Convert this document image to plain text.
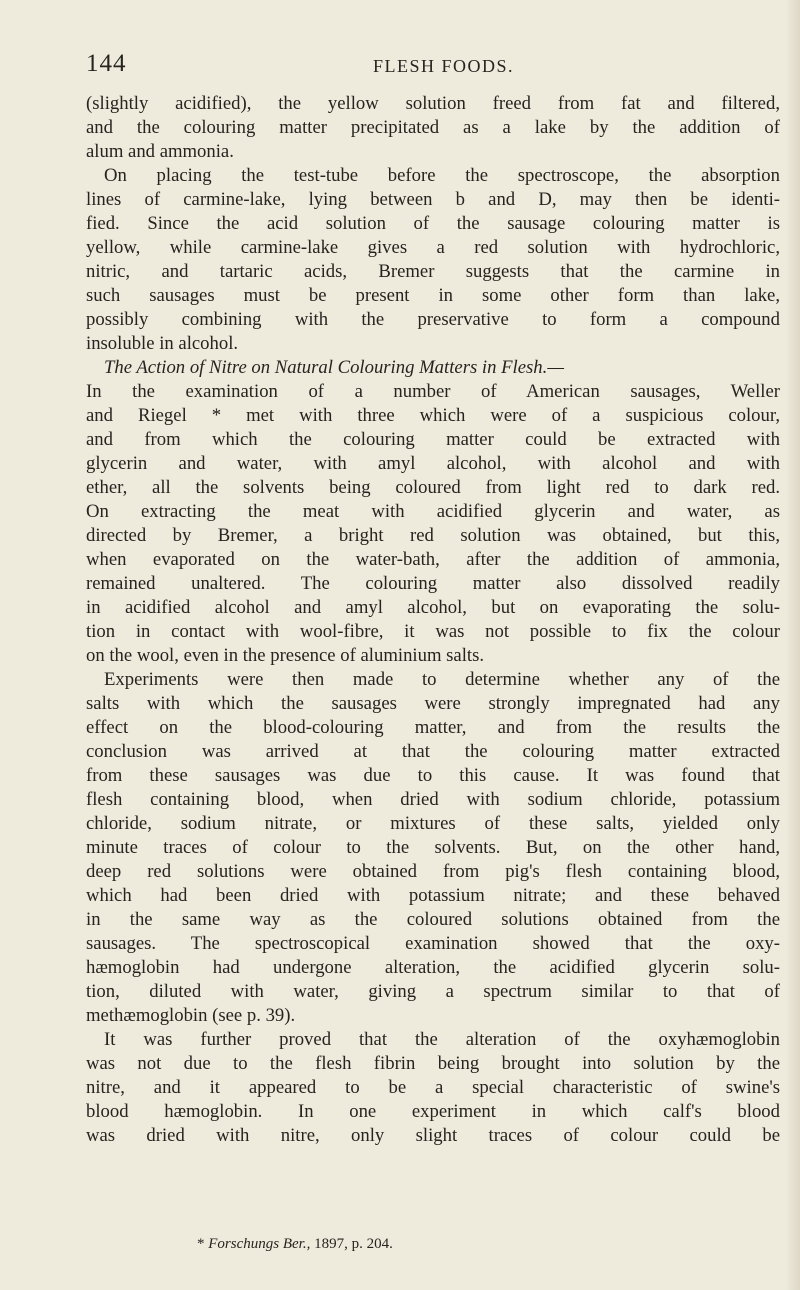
144	FLESH FOODS.
(slightly acidified), the yellow solution freed from fat and filtered,
and the colouring matter precipitated as a lake by the addition of
alum and ammonia.
On placing the test-tube before the spectroscope, the absorption
lines of carmine-lake, lying between b and D, may then be identi-
fied. Since the acid solution of the sausage colouring matter is
yellow, while carmine-lake gives a red solution with hydrochloric,
nitric, and tartaric acids, Bremer suggests that the carmine in
such sausages must be present in some other form than lake,
possibly combining with the preservative to form a compound
insoluble in alcohol.
The Action of Nitre on Natural Colouring Matters in Flesh.—
In the examination of a number of American sausages, Weller
and Riegel * met with three which were of a suspicious colour,
and from which the colouring matter could be extracted with
glycerin and water, with amyl alcohol, with alcohol and with
ether, all the solvents being coloured from light red to dark red.
On extracting the meat with acidified glycerin and water, as
directed by Bremer, a bright red solution was obtained, but this,
when evaporated on the water-bath, after the addition of ammonia,
remained unaltered. The colouring matter also dissolved readily
in acidified alcohol and amyl alcohol, but on evaporating the solu-
tion in contact with wool-fibre, it was not possible to fix the colour
on the wool, even in the presence of aluminium salts.
Experiments were then made to determine whether any of the
salts with which the sausages were strongly impregnated had any
effect on the blood-colouring matter, and from the results the
conclusion was arrived at that the colouring matter extracted
from these sausages was due to this cause. It was found that
flesh containing blood, when dried with sodium chloride, potassium
chloride, sodium nitrate, or mixtures of these salts, yielded only
minute traces of colour to the solvents. But, on the other hand,
deep red solutions were obtained from pig's flesh containing blood,
which had been dried with potassium nitrate; and these behaved
in the same way as the coloured solutions obtained from the
sausages. The spectroscopical examination showed that the oxy-
hæmoglobin had undergone alteration, the acidified glycerin solu-
tion, diluted with water, giving a spectrum similar to that of
methæmoglobin (see p. 39).
It was further proved that the alteration of the oxyhæmoglobin
was not due to the flesh fibrin being brought into solution by the
nitre, and it appeared to be a special characteristic of swine's
blood hæmoglobin. In one experiment in which calf's blood
was dried with nitre, only slight traces of colour could be
* Forschungs Ber., 1897, p. 204.
